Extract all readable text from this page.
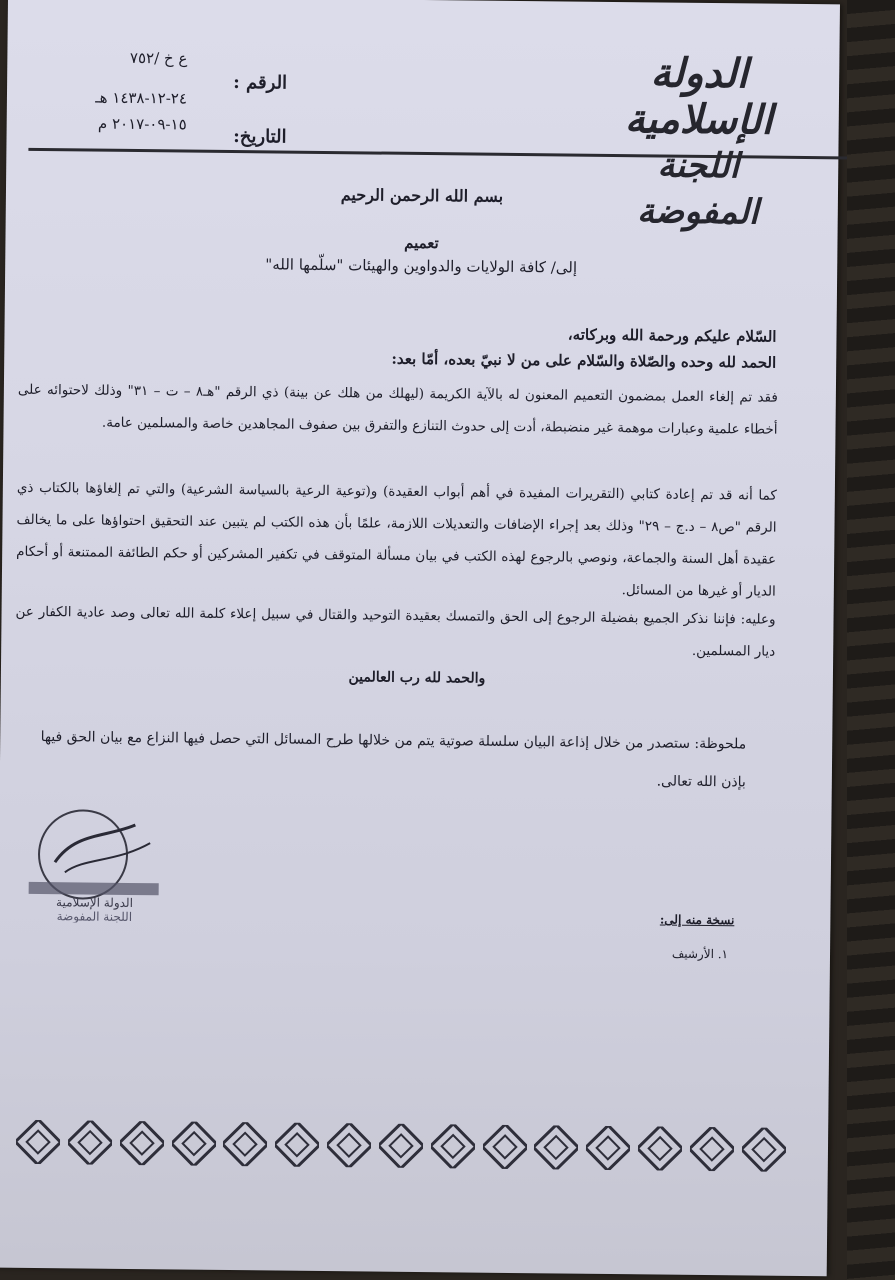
الدولة الإسلامية
اللجنة المفوضة
الرقم :
التاريخ:
ع خ /٧٥٢
٢٤-١٢-١٤٣٨ هـ
١٥-٠٩-٢٠١٧ م
بسم الله الرحمن الرحيم
تعميم
إلى/ كافة الولايات والدواوين والهيئات "سلّمها الله"
السّلام عليكم ورحمة الله وبركاته،
الحمد لله وحده والصّلاة والسّلام على من لا نبيّ بعده، أمّا بعد:
فقد تم إلغاء العمل بمضمون التعميم المعنون له بالآية الكريمة (ليهلك من هلك عن بينة) ذي الرقم "هـ٨ – ت – ٣١" وذلك لاحتوائه على أخطاء علمية وعبارات موهمة غير منضبطة، أدت إلى حدوث التنازع والتفرق بين صفوف المجاهدين خاصة والمسلمين عامة.
كما أنه قد تم إعادة كتابي (التقريرات المفيدة في أهم أبواب العقيدة) و(توعية الرعية بالسياسة الشرعية) والتي تم إلغاؤها بالكتاب ذي الرقم "ص٨ – د.ج – ٢٩" وذلك بعد إجراء الإضافات والتعديلات اللازمة، علمًا بأن هذه الكتب لم يتبين عند التحقيق احتواؤها على ما يخالف عقيدة أهل السنة والجماعة، ونوصي بالرجوع لهذه الكتب في بيان مسألة المتوقف في تكفير المشركين أو حكم الطائفة الممتنعة أو أحكام الديار أو غيرها من المسائل.
وعليه: فإننا نذكر الجميع بفضيلة الرجوع إلى الحق والتمسك بعقيدة التوحيد والقتال في سبيل إعلاء كلمة الله تعالى وصد عادية الكفار عن ديار المسلمين.
والحمد لله رب العالمين
ملحوظة: ستصدر من خلال إذاعة البيان سلسلة صوتية يتم من خلالها طرح المسائل التي حصل فيها النزاع مع بيان الحق فيها بإذن الله تعالى.
الدولة الإسلامية
اللجنة المفوضة	نسخة منه إلى:
١. الأرشيف
